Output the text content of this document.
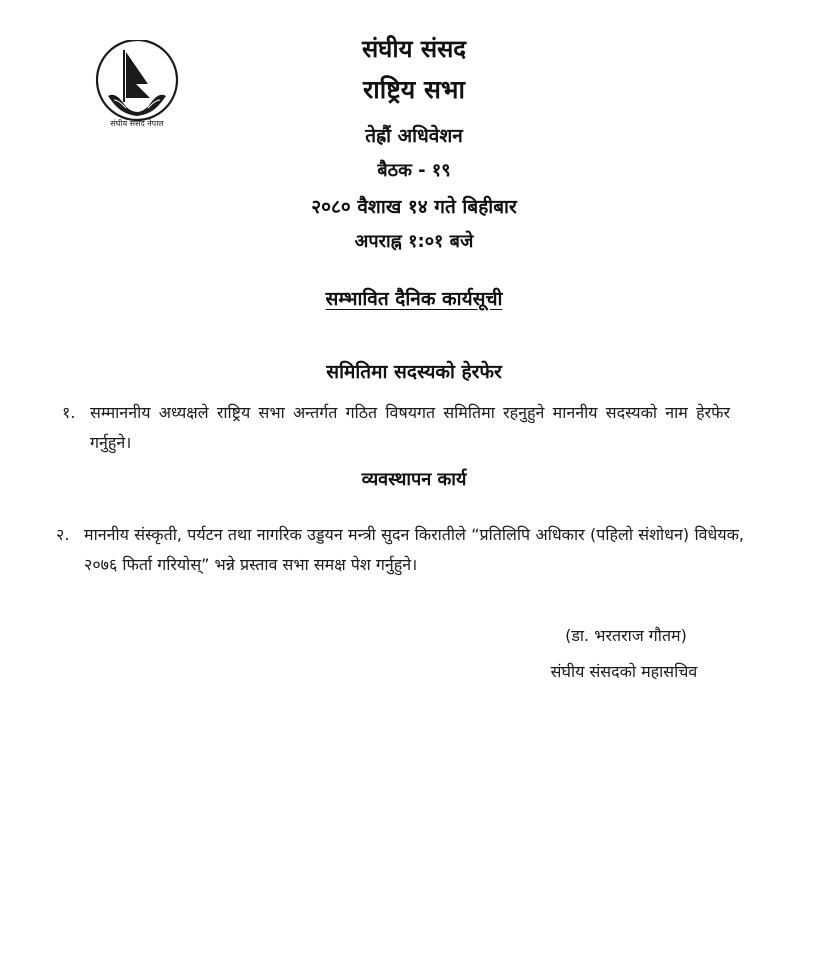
संघीय संसद नेपाल
संघीय संसद
राष्ट्रिय सभा
तेह्रौं अधिवेशन
बैठक - १९
२०८० वैशाख १४ गते बिहीबार
अपराह्न १:०१ बजे
सम्भावित दैनिक कार्यसूची
समितिमा सदस्यको हेरफेर
१. सम्माननीय अध्यक्षले राष्ट्रिय सभा अन्तर्गत गठित विषयगत समितिमा रहनुहुने माननीय सदस्यको नाम हेरफेर गर्नुहुने।
व्यवस्थापन कार्य
२. माननीय संस्कृती, पर्यटन तथा नागरिक उड्डयन मन्त्री सुदन किरातीले “प्रतिलिपि अधिकार (पहिलो संशोधन) विधेयक, २०७६ फिर्ता गरियोस्” भन्ने प्रस्ताव सभा समक्ष पेश गर्नुहुने।
(डा. भरतराज गौतम)
संघीय संसदको महासचिव
